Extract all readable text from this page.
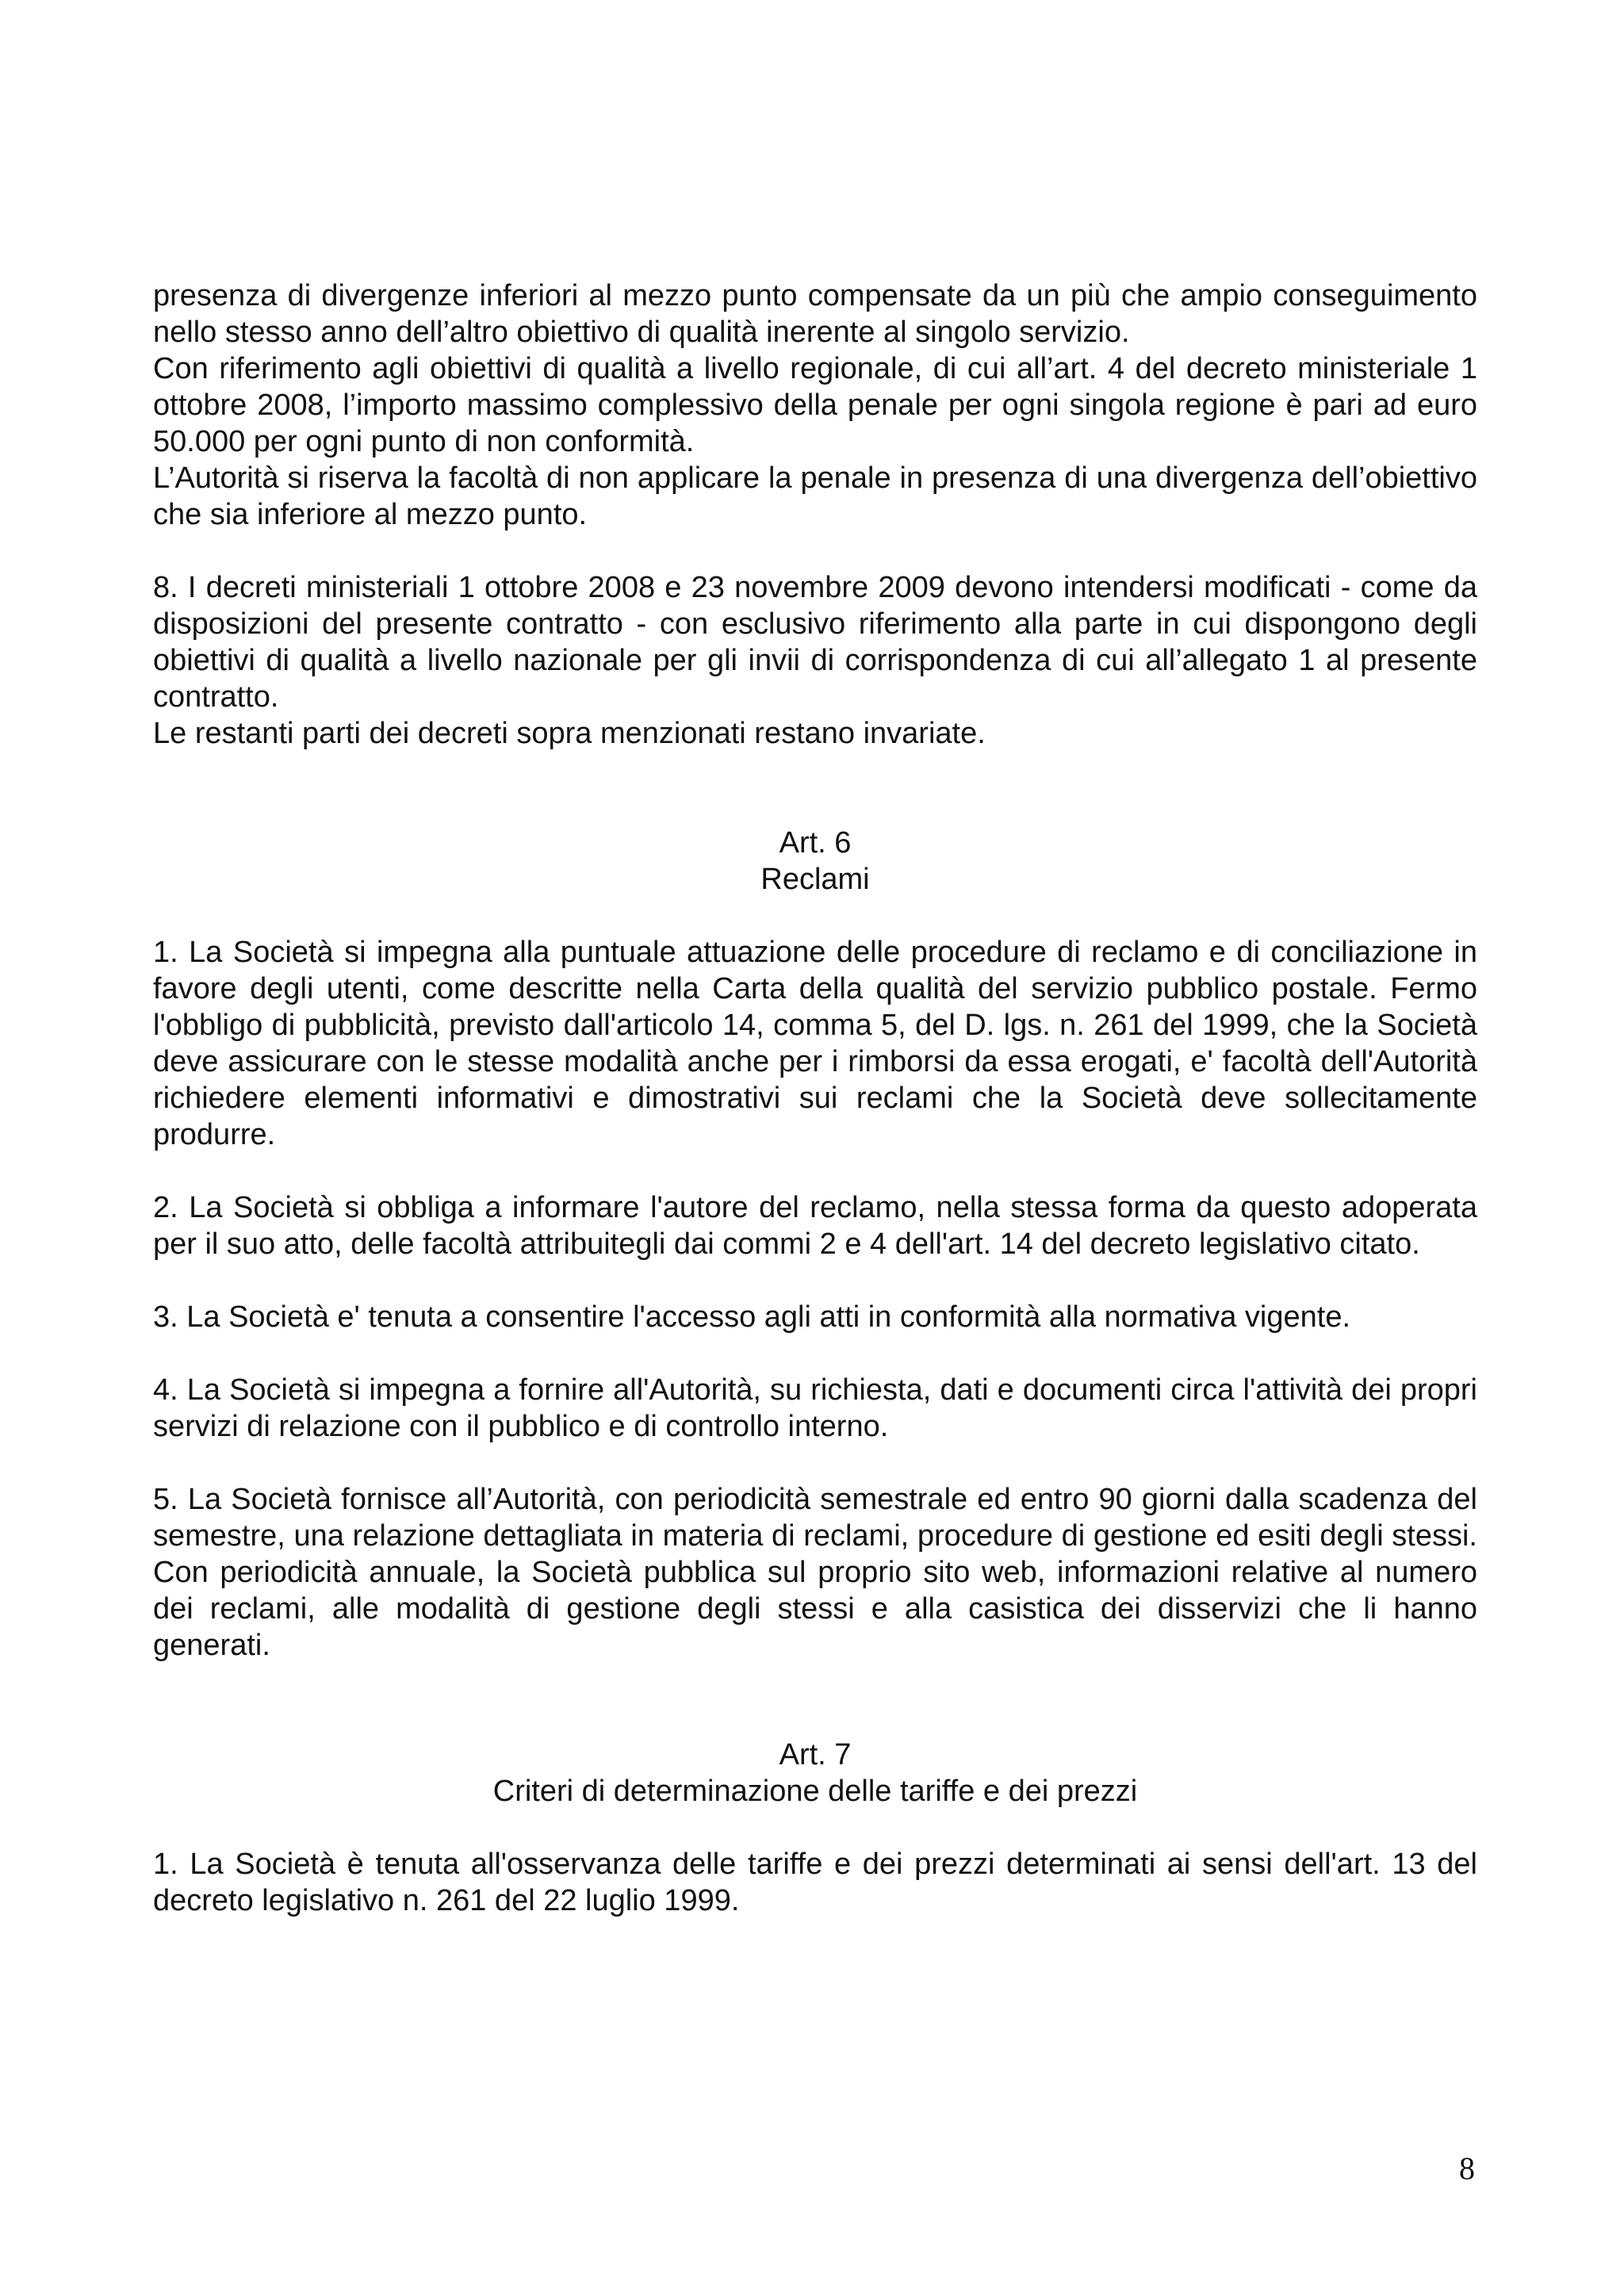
presenza di divergenze inferiori al mezzo punto compensate da un più che ampio conseguimento nello stesso anno dell’altro obiettivo di qualità inerente al singolo servizio.

Con riferimento agli obiettivi di qualità a livello regionale, di cui all’art. 4 del decreto ministeriale 1 ottobre 2008, l’importo massimo complessivo della penale per ogni singola regione è pari ad euro 50.000 per ogni punto di non conformità.

L’Autorità si riserva la facoltà di non applicare la penale in presenza di una divergenza dell’obiettivo che sia inferiore al mezzo punto.

8. I decreti ministeriali 1 ottobre 2008 e 23 novembre 2009 devono intendersi modificati - come da disposizioni del presente contratto - con esclusivo riferimento alla parte in cui dispongono degli obiettivi di qualità a livello nazionale per gli invii di corrispondenza di cui all’allegato 1 al presente contratto.

Le restanti parti dei decreti sopra menzionati restano invariate.

Art. 6

Reclami

1. La Società si impegna alla puntuale attuazione delle procedure di reclamo e di conciliazione in favore degli utenti, come descritte nella Carta della qualità del servizio pubblico postale. Fermo l'obbligo di pubblicità, previsto dall'articolo 14, comma 5, del D. lgs. n. 261 del 1999, che la Società deve assicurare con le stesse modalità anche per i rimborsi da essa erogati, e' facoltà dell'Autorità richiedere elementi informativi e dimostrativi sui reclami che la Società deve sollecitamente produrre.

2. La Società si obbliga a informare l'autore del reclamo, nella stessa forma da questo adoperata per il suo atto, delle facoltà attribuitegli dai commi 2 e 4 dell'art. 14 del decreto legislativo citato.

3. La Società e' tenuta a consentire l'accesso agli atti in conformità alla normativa vigente.

4. La Società si impegna a fornire all'Autorità, su richiesta, dati e documenti circa l'attività dei propri servizi di relazione con il pubblico e di controllo interno.

5. La Società fornisce all’Autorità, con periodicità semestrale ed entro 90 giorni dalla scadenza del semestre, una relazione dettagliata in materia di reclami, procedure di gestione ed esiti degli stessi. Con periodicità annuale, la Società pubblica sul proprio sito web, informazioni relative al numero dei reclami, alle modalità di gestione degli stessi e alla casistica dei disservizi che li hanno generati.

Art. 7

Criteri di determinazione delle tariffe e dei prezzi

1. La Società è tenuta all'osservanza delle tariffe e dei prezzi determinati ai sensi dell'art. 13 del decreto legislativo n. 261 del 22 luglio 1999.

8
